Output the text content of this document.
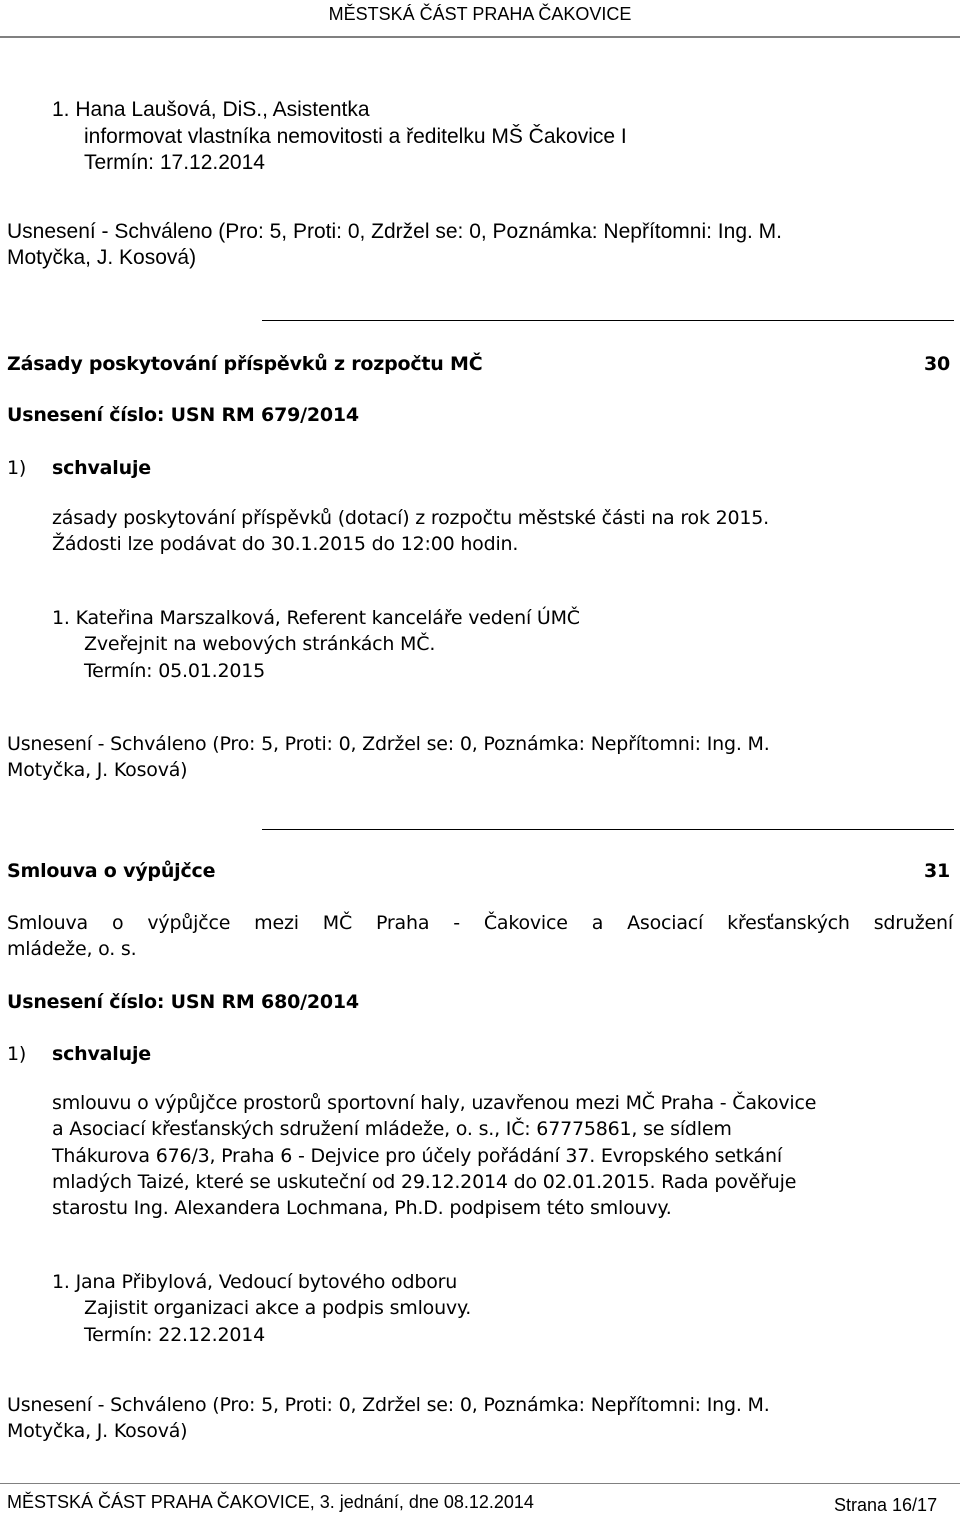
MĚSTSKÁ ČÁST PRAHA ČAKOVICE
1. Hana Laušová, DiS., Asistentka
informovat vlastníka nemovitosti a ředitelku MŠ Čakovice I
Termín: 17.12.2014
Usnesení - Schváleno (Pro: 5, Proti: 0, Zdržel se: 0, Poznámka: Nepřítomni: Ing. M.
Motyčka, J. Kosová)
Zásady poskytování příspěvků z rozpočtu MČ	30
Usnesení číslo: USN RM 679/2014
1) schvaluje
zásady poskytování příspěvků (dotací) z rozpočtu městské části na rok 2015.
Žádosti lze podávat do 30.1.2015 do 12:00 hodin.
1. Kateřina Marszalková, Referent kanceláře vedení ÚMČ
Zveřejnit na webových stránkách MČ.
Termín: 05.01.2015
Usnesení - Schváleno (Pro: 5, Proti: 0, Zdržel se: 0, Poznámka: Nepřítomni: Ing. M.
Motyčka, J. Kosová)
Smlouva o výpůjčce	31
Smlouva o výpůjčce mezi MČ Praha - Čakovice a Asociací křesťanských sdružení
mládeže, o. s.
Usnesení číslo: USN RM 680/2014
1) schvaluje
smlouvu o výpůjčce prostorů sportovní haly, uzavřenou mezi MČ Praha - Čakovice
a Asociací křesťanských sdružení mládeže, o. s., IČ: 67775861, se sídlem
Thákurova 676/3, Praha 6 - Dejvice pro účely pořádání 37. Evropského setkání
mladých Taizé, které se uskuteční od 29.12.2014 do 02.01.2015. Rada pověřuje
starostu Ing. Alexandera Lochmana, Ph.D. podpisem této smlouvy.
1. Jana Přibylová, Vedoucí bytového odboru
Zajistit organizaci akce a podpis smlouvy.
Termín: 22.12.2014
Usnesení - Schváleno (Pro: 5, Proti: 0, Zdržel se: 0, Poznámka: Nepřítomni: Ing. M.
Motyčka, J. Kosová)
MĚSTSKÁ ČÁST PRAHA ČAKOVICE, 3. jednání, dne 08.12.2014	Strana 16/17
